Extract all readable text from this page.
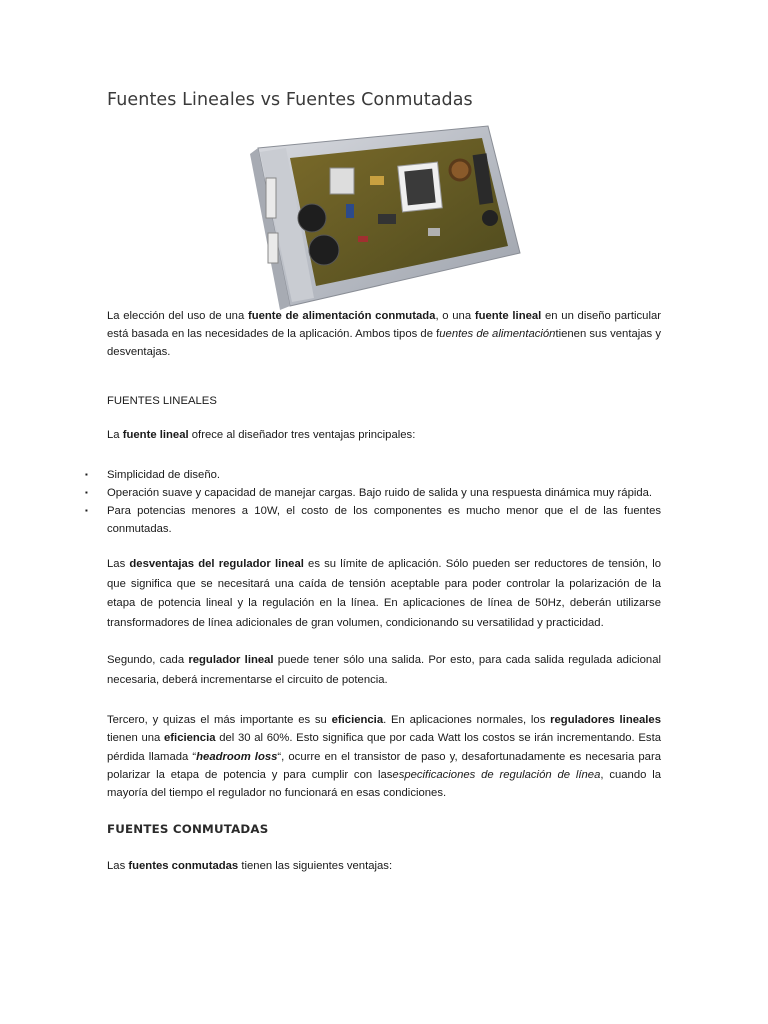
Fuentes Lineales vs Fuentes Conmutadas

La elección del uso de una fuente de alimentación conmutada, o una fuente lineal en un diseño particular está basada en las necesidades de la aplicación. Ambos tipos de fuentes de alimentacióntienen sus ventajas y desventajas.

FUENTES LINEALES

La fuente lineal ofrece al diseñador tres ventajas principales:

▪ Simplicidad de diseño.
▪ Operación suave y capacidad de manejar cargas. Bajo ruido de salida y una respuesta dinámica muy rápida.
▪ Para potencias menores a 10W, el costo de los componentes es mucho menor que el de las fuentes conmutadas.

Las desventajas del regulador lineal es su límite de aplicación. Sólo pueden ser reductores de tensión, lo que significa que se necesitará una caída de tensión aceptable para poder controlar la polarización de la etapa de potencia lineal y la regulación en la línea. En aplicaciones de línea de 50Hz, deberán utilizarse transformadores de línea adicionales de gran volumen, condicionando su versatilidad y practicidad.

Segundo, cada regulador lineal puede tener sólo una salida. Por esto, para cada salida regulada adicional necesaria, deberá incrementarse el circuito de potencia.

Tercero, y quizas el más importante es su eficiencia. En aplicaciones normales, los reguladores lineales tienen una eficiencia del 30 al 60%. Esto significa que por cada Watt los costos se irán incrementando. Esta pérdida llamada “headroom loss“, ocurre en el transistor de paso y, desafortunadamente es necesaria para polarizar la etapa de potencia y para cumplir con lasespecificaciones de regulación de línea, cuando la mayoría del tiempo el regulador no funcionará en esas condiciones.

FUENTES CONMUTADAS

Las fuentes conmutadas tienen las siguientes ventajas:
